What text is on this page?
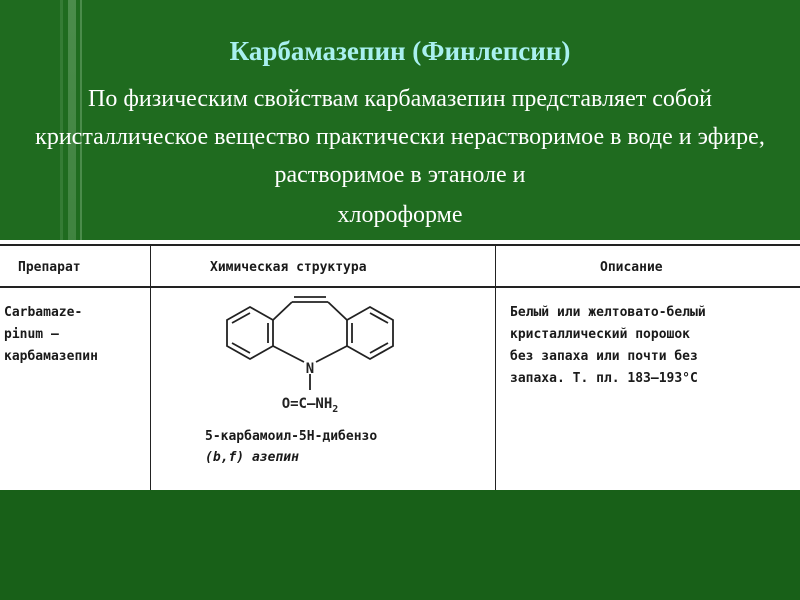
Карбамазепин (Финлепсин)
По физическим свойствам карбамазепин представляет собой кристаллическое вещество практически нерастворимое в воде и эфире, растворимое в этаноле и
хлороформе
Препарат	Химическая структура	Описание
Carbamaze-
pinum –
карбамазепин
N
$O=C-NH_2$
5-карбамоил-5H-дибензо
(b,f) азепин
Белый или желтовато-белый
кристаллический порошок
без запаха или почти без
запаха. Т. пл. 183–193°С
